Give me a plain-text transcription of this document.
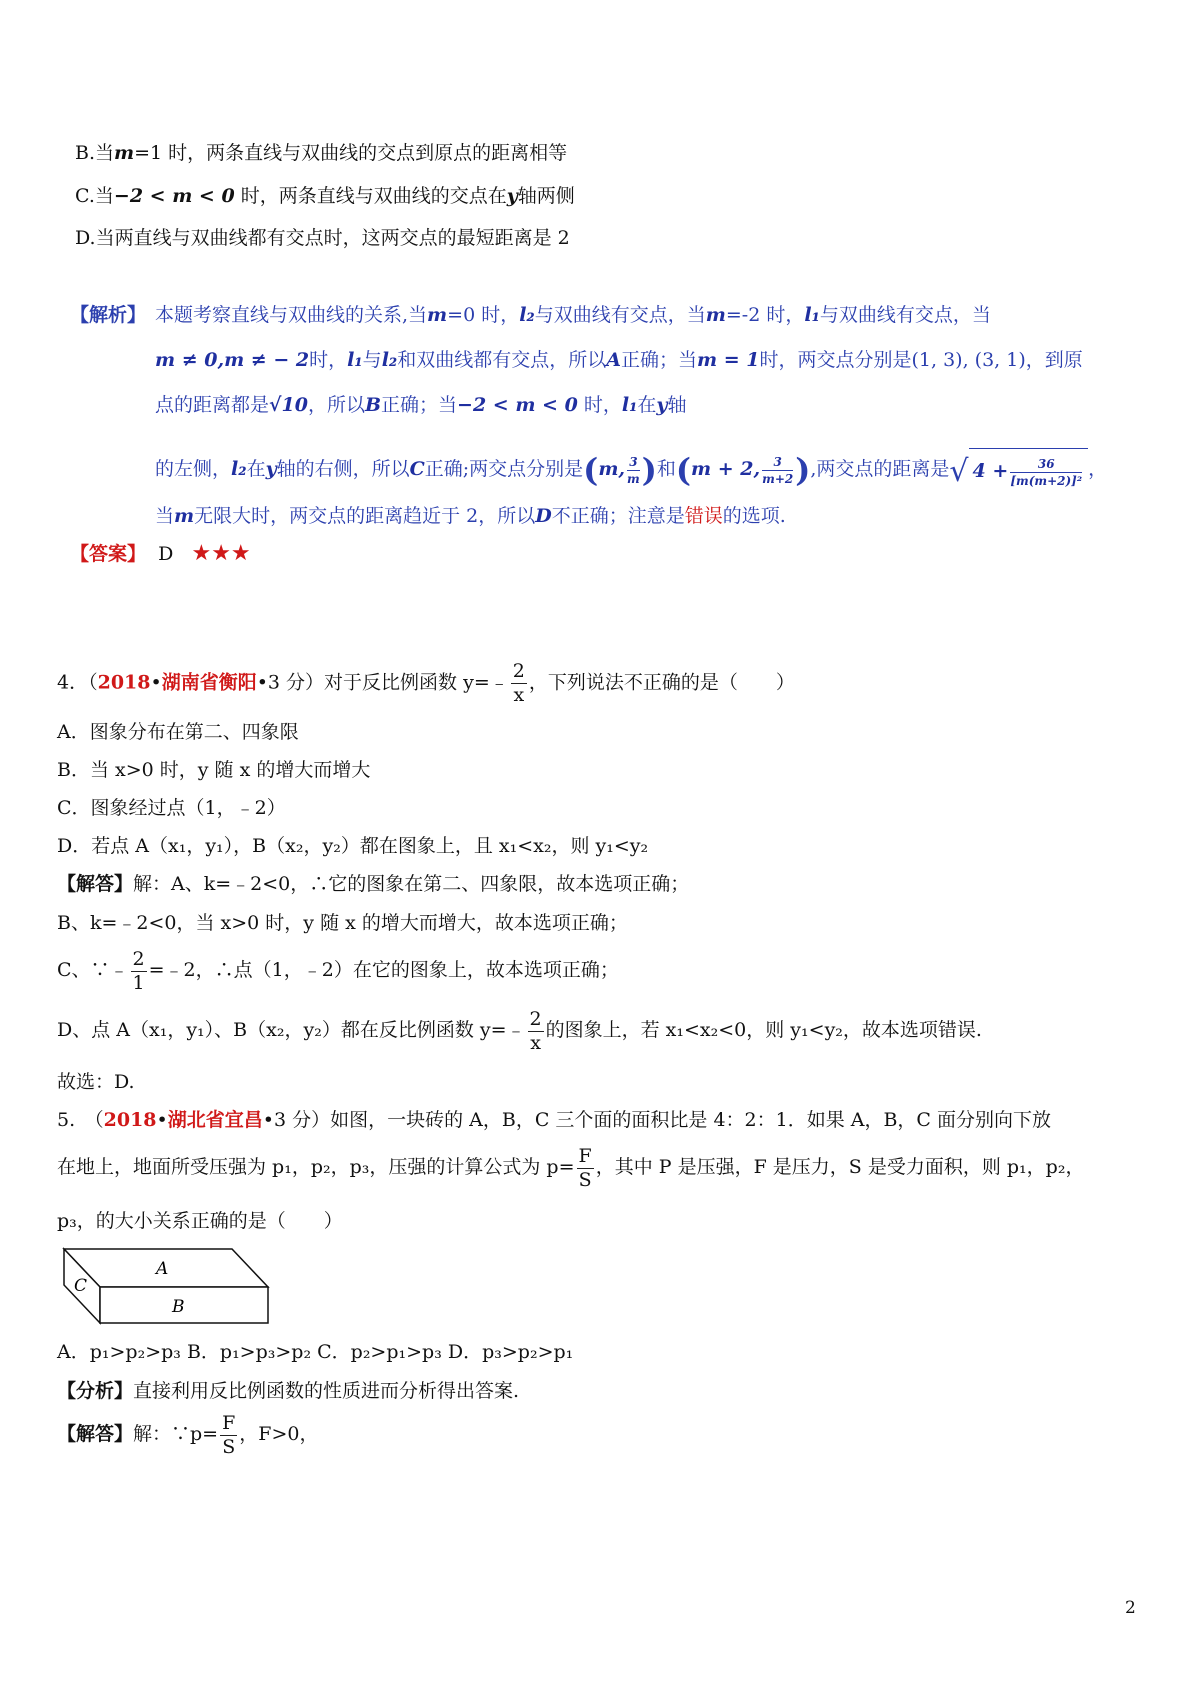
B.当m=1 时，两条直线与双曲线的交点到原点的距离相等
C.当−2 < m < 0 时，两条直线与双曲线的交点在y轴两侧
D.当两直线与双曲线都有交点时，这两交点的最短距离是 2
【解析】 本题考察直线与双曲线的关系,当m=0 时，l₂与双曲线有交点，当m=-2 时，l₁与双曲线有交点，当
m ≠ 0,m ≠ − 2时，l₁与l₂和双曲线都有交点，所以A正确；当m = 1时，两交点分别是(1, 3), (3, 1)，到原
点的距离都是√10，所以B正确；当−2 < m < 0 时，l₁在y轴
的左侧，l₂在y轴的右侧，所以C正确;两交点分别是(m, $\frac{3}{m}$ )和(m + 2, $\frac{3}{m+2}$ ),两交点的距离是√ $4 + \frac{36}{\text{[m(m+2)]²}}$ ，
当m无限大时，两交点的距离趋近于 2，所以D不正确；注意是错误的选项.
【答案】 D ★★★
4．（2018•湖南省衡阳•3 分）对于反比例函数 y=﹣ $\frac{2}{x}$ ，下列说法不正确的是（　　）
A．图象分布在第二、四象限
B．当 x>0 时，y 随 x 的增大而增大
C．图象经过点（1，﹣2）
D．若点 A（x₁，y₁），B（x₂，y₂）都在图象上，且 x₁<x₂，则 y₁<y₂
【解答】解：A、k=﹣2<0，∴它的图象在第二、四象限，故本选项正确；
B、k=﹣2<0，当 x>0 时，y 随 x 的增大而增大，故本选项正确；
C、∵﹣ $\frac{2}{1}$ =﹣2，∴点（1，﹣2）在它的图象上，故本选项正确；
D、点 A（x₁，y₁）、B（x₂，y₂）都在反比例函数 y=﹣ $\frac{2}{x}$ 的图象上，若 x₁<x₂<0，则 y₁<y₂，故本选项错误.
故选：D.
5.　（2018•湖北省宜昌•3 分）如图，一块砖的 A，B，C 三个面的面积比是 4：2：1．如果 A，B，C 面分别向下放
在地上，地面所受压强为 p₁，p₂，p₃，压强的计算公式为 $p= \frac{F}{S}$ ，其中 P 是压强，F 是压力，S 是受力面积，则 p₁，p₂，
p₃，的大小关系正确的是（　　）
A
B
C
A．p₁>p₂>p₃ B．p₁>p₃>p₂ C．p₂>p₁>p₃ D．p₃>p₂>p₁
【分析】直接利用反比例函数的性质进而分析得出答案.
【解答】解：∵p= $\frac{F}{S}$ ，F>0，
2
